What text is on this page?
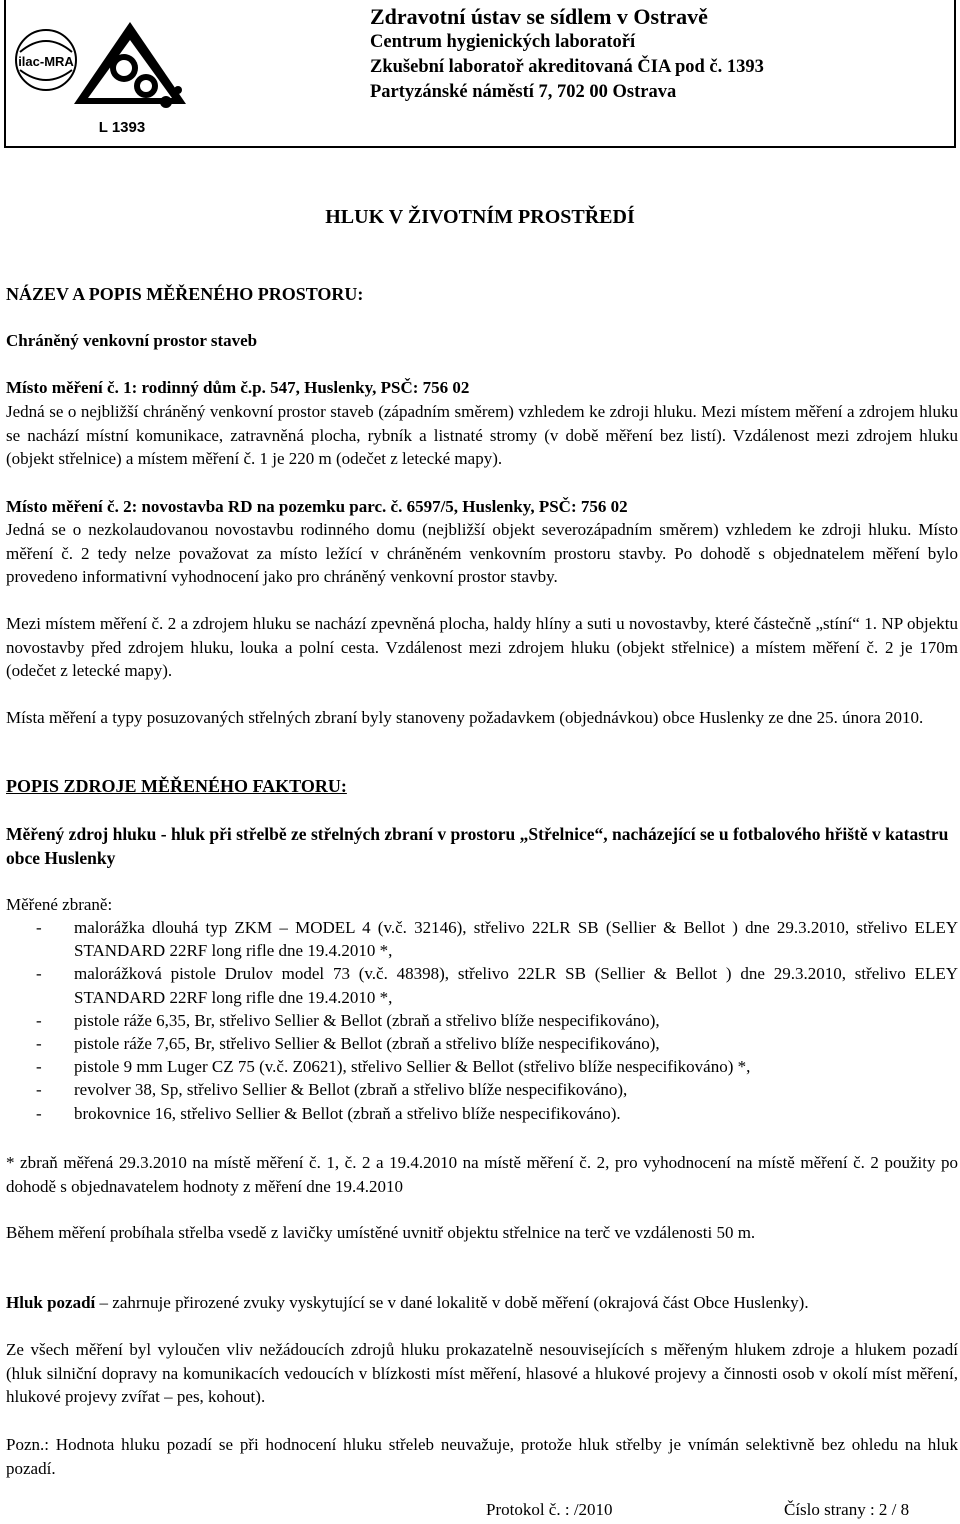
ilac-MRA
L 1393
Zdravotní ústav se sídlem v Ostravě
Centrum hygienických laboratoří
Zkušební laboratoř akreditovaná ČIA pod č. 1393
Partyzánské náměstí 7, 702 00 Ostrava
HLUK V ŽIVOTNÍM PROSTŘEDÍ
NÁZEV A POPIS MĚŘENÉHO PROSTORU:
Chráněný venkovní prostor staveb
Místo měření č. 1: rodinný dům č.p. 547, Huslenky, PSČ: 756 02
Jedná se o nejbližší chráněný venkovní prostor staveb (západním směrem) vzhledem ke zdroji hluku. Mezi místem měření a zdrojem hluku se nachází místní komunikace, zatravněná plocha, rybník a listnaté stromy (v době měření bez listí). Vzdálenost mezi zdrojem hluku (objekt střelnice) a místem měření č. 1 je 220 m (odečet z letecké mapy).
Místo měření č. 2: novostavba RD na pozemku parc. č. 6597/5, Huslenky, PSČ: 756 02
Jedná se o nezkolaudovanou novostavbu rodinného domu (nejbližší objekt severozápadním směrem) vzhledem ke zdroji hluku. Místo měření č. 2 tedy nelze považovat za místo ležící v chráněném venkovním prostoru stavby. Po dohodě s objednatelem měření bylo provedeno informativní vyhodnocení jako pro chráněný venkovní prostor stavby.
Mezi místem měření č. 2 a zdrojem hluku se nachází zpevněná plocha, haldy hlíny a suti u novostavby, které částečně „stíní“ 1. NP objektu novostavby před zdrojem hluku, louka a polní cesta. Vzdálenost mezi zdrojem hluku (objekt střelnice) a místem měření č. 2 je 170m (odečet z letecké mapy).
Místa měření a typy posuzovaných střelných zbraní byly stanoveny požadavkem (objednávkou) obce Huslenky ze dne 25. února 2010.
POPIS ZDROJE MĚŘENÉHO FAKTORU:
Měřený zdroj hluku - hluk při střelbě ze střelných zbraní v prostoru „Střelnice“, nacházející se u fotbalového hřiště v katastru obce Huslenky
Měřené zbraně:
- malorážka dlouhá typ ZKM – MODEL 4 (v.č. 32146), střelivo 22LR SB (Sellier & Bellot ) dne 29.3.2010, střelivo ELEY STANDARD 22RF long rifle dne 19.4.2010 *,
- malorážková pistole Drulov model 73 (v.č. 48398), střelivo 22LR SB (Sellier & Bellot ) dne 29.3.2010, střelivo ELEY STANDARD 22RF long rifle dne 19.4.2010 *,
- pistole ráže 6,35, Br, střelivo Sellier & Bellot (zbraň a střelivo blíže nespecifikováno),
- pistole ráže 7,65, Br, střelivo Sellier & Bellot (zbraň a střelivo blíže nespecifikováno),
- pistole 9 mm Luger CZ 75 (v.č. Z0621), střelivo Sellier & Bellot (střelivo blíže nespecifikováno) *,
- revolver 38, Sp, střelivo Sellier & Bellot (zbraň a střelivo blíže nespecifikováno),
- brokovnice 16, střelivo Sellier & Bellot (zbraň a střelivo blíže nespecifikováno).
* zbraň měřená 29.3.2010 na místě měření č. 1, č. 2 a 19.4.2010 na místě měření č. 2, pro vyhodnocení na místě měření č. 2 použity po dohodě s objednavatelem hodnoty z měření dne 19.4.2010
Během měření probíhala střelba vsedě z lavičky umístěné uvnitř objektu střelnice na terč ve vzdálenosti 50 m.
Hluk pozadí – zahrnuje přirozené zvuky vyskytující se v dané lokalitě v době měření (okrajová část Obce Huslenky).
Ze všech měření byl vyloučen vliv nežádoucích zdrojů hluku prokazatelně nesouvisejících s měřeným hlukem zdroje a hlukem pozadí (hluk silniční dopravy na komunikacích vedoucích v blízkosti míst měření, hlasové a hlukové projevy a činnosti osob v okolí míst měření, hlukové projevy zvířat – pes, kohout).
Pozn.: Hodnota hluku pozadí se při hodnocení hluku střeleb neuvažuje, protože hluk střelby je vnímán selektivně bez ohledu na hluk pozadí.
Protokol č. : /2010	Číslo strany : 2 / 8
